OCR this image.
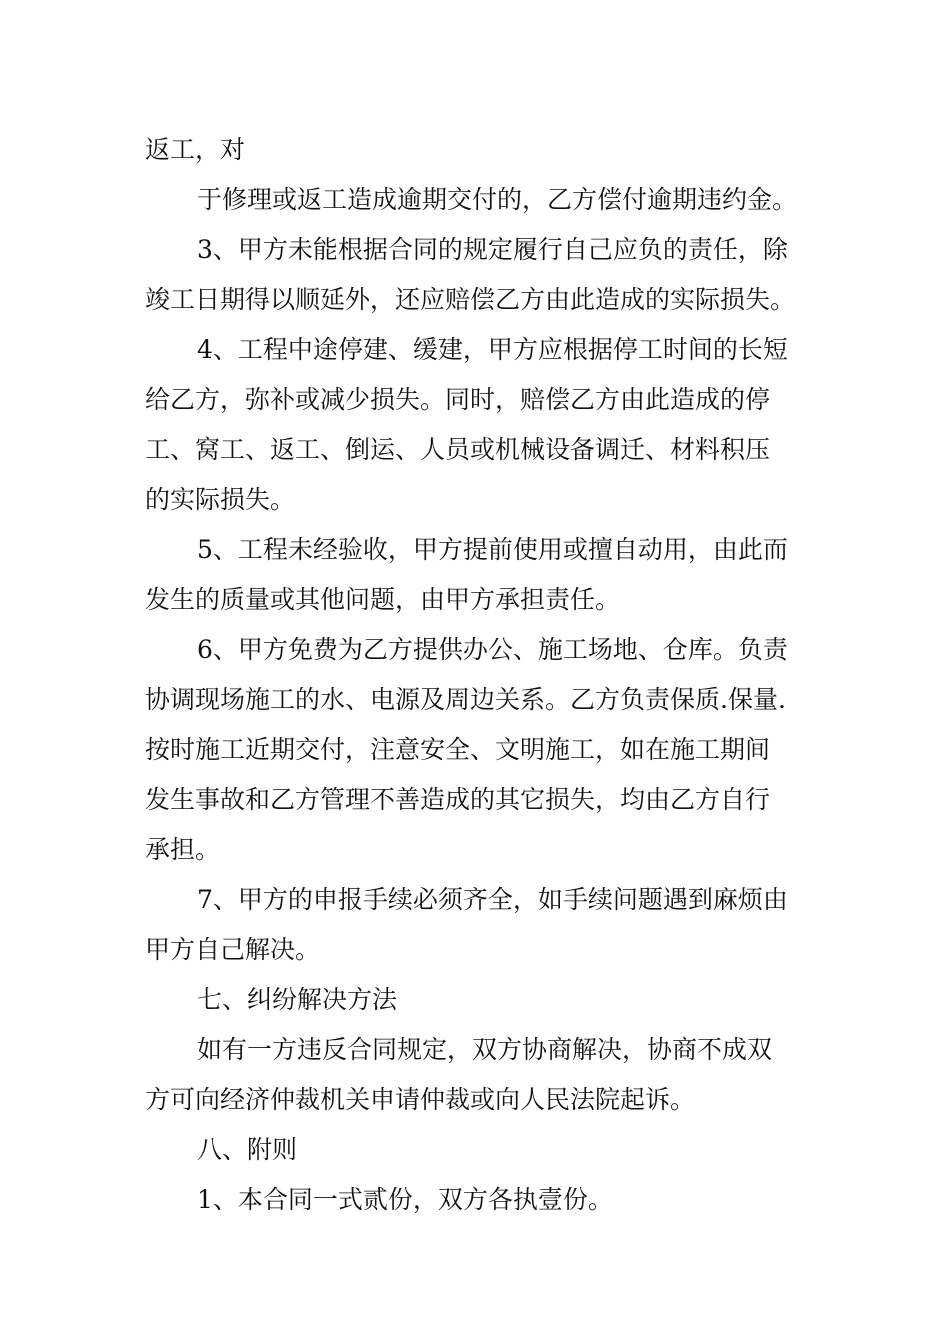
返工，对
于修理或返工造成逾期交付的，乙方偿付逾期违约金。
3、甲方未能根据合同的规定履行自己应负的责任，除
竣工日期得以顺延外，还应赔偿乙方由此造成的实际损失。
4、工程中途停建、缓建，甲方应根据停工时间的长短
给乙方，弥补或减少损失。同时，赔偿乙方由此造成的停
工、窝工、返工、倒运、人员或机械设备调迁、材料积压
的实际损失。
5、工程未经验收，甲方提前使用或擅自动用，由此而
发生的质量或其他问题，由甲方承担责任。
6、甲方免费为乙方提供办公、施工场地、仓库。负责
协调现场施工的水、电源及周边关系。乙方负责保质.保量.
按时施工近期交付，注意安全、文明施工，如在施工期间
发生事故和乙方管理不善造成的其它损失，均由乙方自行
承担。
7、甲方的申报手续必须齐全，如手续问题遇到麻烦由
甲方自己解决。
七、纠纷解决方法
如有一方违反合同规定，双方协商解决，协商不成双
方可向经济仲裁机关申请仲裁或向人民法院起诉。
八、附则
1、本合同一式贰份，双方各执壹份。
